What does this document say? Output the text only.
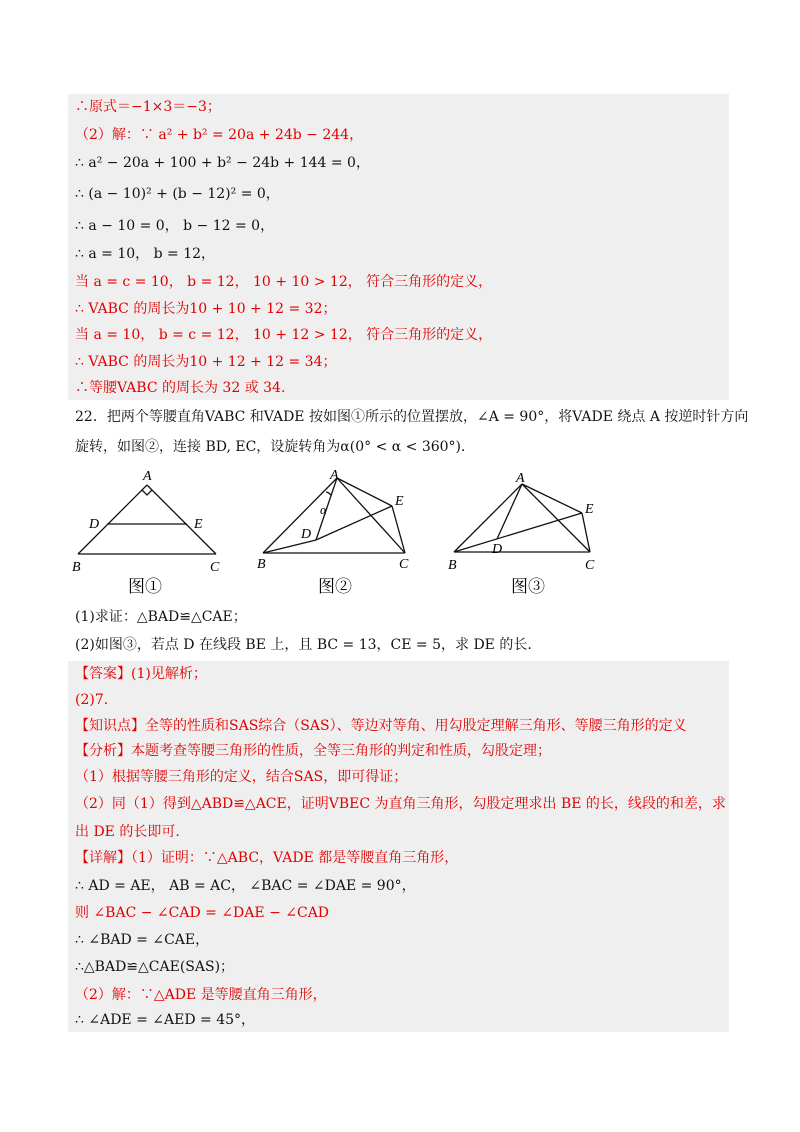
∴原式＝−1×3＝−3；
（2）解：∵ a² + b² = 20a + 24b − 244，
∴ a² − 20a + 100 + b² − 24b + 144 = 0，
∴ (a − 10)² + (b − 12)² = 0，
∴ a − 10 = 0， b − 12 = 0，
∴ a = 10， b = 12，
当 a = c = 10， b = 12， 10 + 10 > 12， 符合三角形的定义，
∴ VABC 的周长为10 + 10 + 12 = 32；
当 a = 10， b = c = 12， 10 + 12 > 12， 符合三角形的定义，
∴ VABC 的周长为10 + 12 + 12 = 34；
∴等腰VABC 的周长为 32 或 34.
22．把两个等腰直角VABC 和VADE 按如图①所示的位置摆放，∠A = 90°，将VADE 绕点 A 按逆时针方向
旋转，如图②，连接 BD, EC，设旋转角为α(0° < α < 360°)．
A
D	E
B	C
图①
A
D
E
α
B	C
图②
A
D
E
B	C
图③
(1)求证：△BAD≌△CAE；
(2)如图③，若点 D 在线段 BE 上，且 BC = 13，CE = 5，求 DE 的长.
【答案】(1)见解析；
(2)7.
【知识点】全等的性质和SAS综合（SAS）、等边对等角、用勾股定理解三角形、等腰三角形的定义
【分析】本题考查等腰三角形的性质，全等三角形的判定和性质，勾股定理；
（1）根据等腰三角形的定义，结合SAS，即可得证；
（2）同（1）得到△ABD≌△ACE，证明VBEC 为直角三角形，勾股定理求出 BE 的长，线段的和差，求
出 DE 的长即可.
【详解】（1）证明：∵△ABC，VADE 都是等腰直角三角形，
∴ AD = AE， AB = AC， ∠BAC = ∠DAE = 90°，
则 ∠BAC − ∠CAD = ∠DAE − ∠CAD
∴ ∠BAD = ∠CAE，
∴△BAD≌△CAE(SAS)；
（2）解：∵△ADE 是等腰直角三角形，
∴ ∠ADE = ∠AED = 45°，
